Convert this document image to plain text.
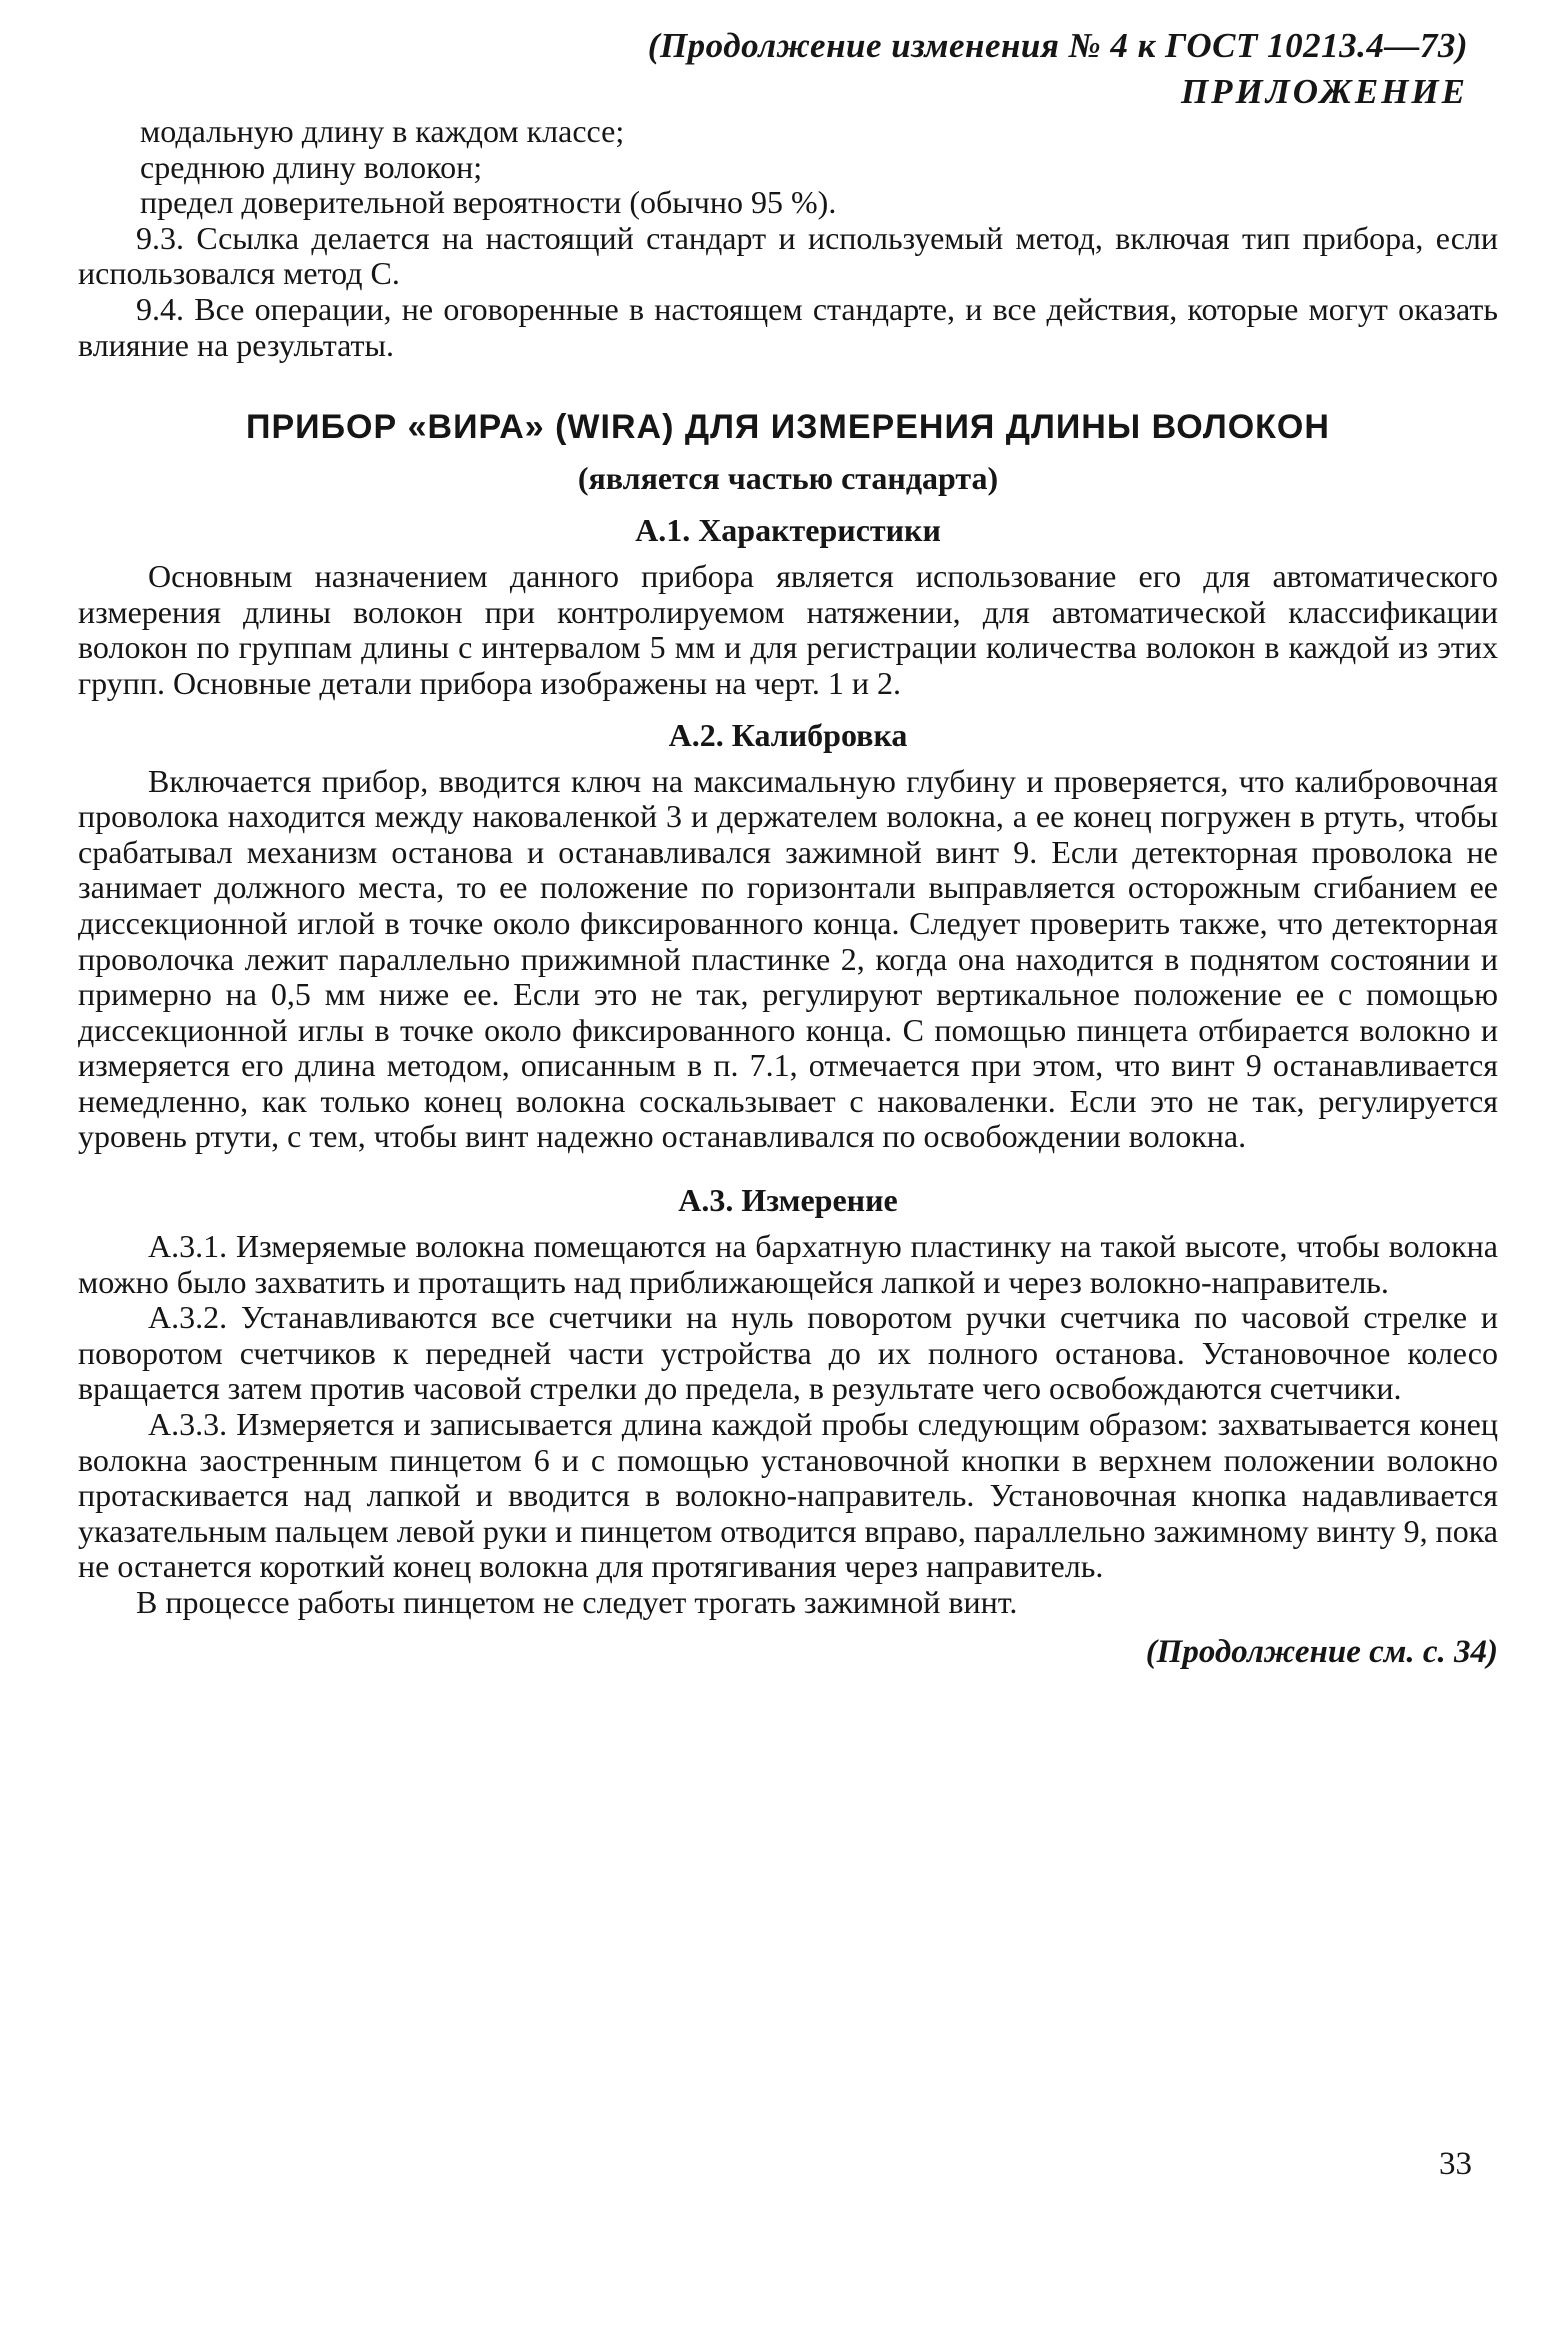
(Продолжение изменения № 4 к ГОСТ 10213.4—73)
ПРИЛОЖЕНИЕ

модальную длину в каждом классе;

среднюю длину волокон;

предел доверительной вероятности (обычно 95 %).

9.3. Ссылка делается на настоящий стандарт и используемый метод, включая тип прибора, если использовался метод С.

9.4. Все операции, не оговоренные в настоящем стандарте, и все действия, которые могут оказать влияние на результаты.

ПРИБОР «ВИРА» (WIRA) ДЛЯ ИЗМЕРЕНИЯ ДЛИНЫ ВОЛОКОН
(является частью стандарта)
А.1. Характеристики

Основным назначением данного прибора является использование его для автоматического измерения длины волокон при контролируемом натяжении, для автоматической классификации волокон по группам длины с интервалом 5 мм и для регистрации количества волокон в каждой из этих групп. Основные детали прибора изображены на черт. 1 и 2.

А.2. Калибровка

Включается прибор, вводится ключ на максимальную глубину и проверяется, что калибровочная проволока находится между наковаленкой 3 и держателем волокна, а ее конец погружен в ртуть, чтобы срабатывал механизм останова и останавливался зажимной винт 9. Если детекторная проволока не занимает должного места, то ее положение по горизонтали выправляется осторожным сгибанием ее диссекционной иглой в точке около фиксированного конца. Следует проверить также, что детекторная проволочка лежит параллельно прижимной пластинке 2, когда она находится в поднятом состоянии и примерно на 0,5 мм ниже ее. Если это не так, регулируют вертикальное положение ее с помощью диссекционной иглы в точке около фиксированного конца. С помощью пинцета отбирается волокно и измеряется его длина методом, описанным в п. 7.1, отмечается при этом, что винт 9 останавливается немедленно, как только конец волокна соскальзывает с наковаленки. Если это не так, регулируется уровень ртути, с тем, чтобы винт надежно останавливался по освобождении волокна.

А.3. Измерение

А.3.1. Измеряемые волокна помещаются на бархатную пластинку на такой высоте, чтобы волокна можно было захватить и протащить над приближающейся лапкой и через волокно-направитель.

А.3.2. Устанавливаются все счетчики на нуль поворотом ручки счетчика по часовой стрелке и поворотом счетчиков к передней части устройства до их полного останова. Установочное колесо вращается затем против часовой стрелки до предела, в результате чего освобождаются счетчики.

А.3.3. Измеряется и записывается длина каждой пробы следующим образом: захватывается конец волокна заостренным пинцетом 6 и с помощью установочной кнопки в верхнем положении волокно протаскивается над лапкой и вводится в волокно-направитель. Установочная кнопка надавливается указательным пальцем левой руки и пинцетом отводится вправо, параллельно зажимному винту 9, пока не останется короткий конец волокна для протягивания через направитель.

В процессе работы пинцетом не следует трогать зажимной винт.

(Продолжение см. с. 34)
33
